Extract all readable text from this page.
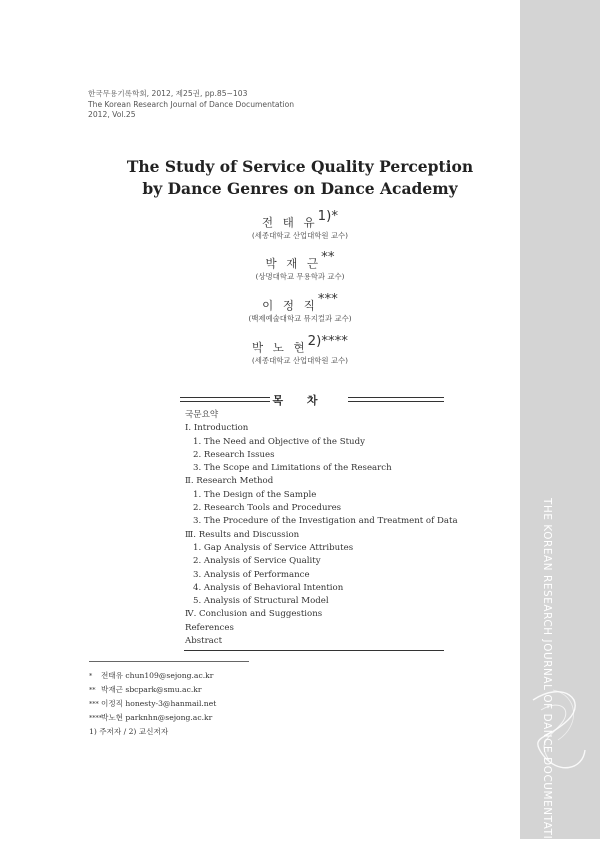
한국무용기록학회, 2012, 제25권, pp.85~103
The Korean Research Journal of Dance Documentation
2012, Vol.25
The Study of Service Quality Perception
by Dance Genres on Dance Academy
전 태 유$^{1)*}$
(세종대학교 산업대학원 교수)
박 재 근**
(상명대학교 무용학과 교수)
이 정 직***
(백제예술대학교 뮤지컬과 교수)
박 노 현$^{2)****}$
(세종대학교 산업대학원 교수)
목 차
국문요약
Ⅰ. Introduction
1. The Need and Objective of the Study
2. Research Issues
3. The Scope and Limitations of the Research
Ⅱ. Research Method
1. The Design of the Sample
2. Research Tools and Procedures
3. The Procedure of the Investigation and Treatment of Data
Ⅲ. Results and Discussion
1. Gap Analysis of Service Attributes
2. Analysis of Service Quality
3. Analysis of Performance
4. Analysis of Behavioral Intention
5. Analysis of Structural Model
Ⅳ. Conclusion and Suggestions
References
Abstract
* 전태유 chun109@sejong.ac.kr
** 박재근 sbcpark@smu.ac.kr
*** 이정직 honesty-3@hanmail.net
****박노현 parknhn@sejong.ac.kr
1) 주저자 / 2) 교신저자	THE KOREAN RESEARCH JOURNAL OF DANCE DOCUMENTATION
